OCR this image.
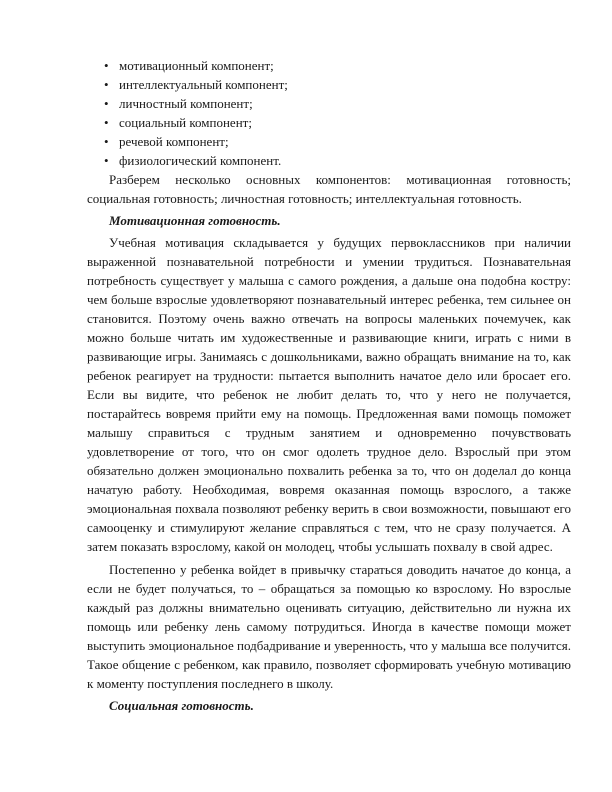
• мотивационный компонент;
• интеллектуальный компонент;
• личностный компонент;
• социальный компонент;
• речевой компонент;
• физиологический компонент.

Разберем несколько основных компонентов: мотивационная готовность; социальная готовность; личностная готовность; интеллектуальная готовность.

Мотивационная готовность.

Учебная мотивация складывается у будущих первоклассников при наличии выраженной познавательной потребности и умении трудиться. Познавательная потребность существует у малыша с самого рождения, а дальше она подобна костру: чем больше взрослые удовлетворяют познавательный интерес ребенка, тем сильнее он становится. Поэтому очень важно отвечать на вопросы маленьких почемучек, как можно больше читать им художественные и развивающие книги, играть с ними в развивающие игры. Занимаясь с дошкольниками, важно обращать внимание на то, как ребенок реагирует на трудности: пытается выполнить начатое дело или бросает его. Если вы видите, что ребенок не любит делать то, что у него не получается, постарайтесь вовремя прийти ему на помощь. Предложенная вами помощь поможет малышу справиться с трудным занятием и одновременно почувствовать удовлетворение от того, что он смог одолеть трудное дело. Взрослый при этом обязательно должен эмоционально похвалить ребенка за то, что он доделал до конца начатую работу. Необходимая, вовремя оказанная помощь взрослого, а также эмоциональная похвала позволяют ребенку верить в свои возможности, повышают его самооценку и стимулируют желание справляться с тем, что не сразу получается. А затем показать взрослому, какой он молодец, чтобы услышать похвалу в свой адрес.

Постепенно у ребенка войдет в привычку стараться доводить начатое до конца, а если не будет получаться, то – обращаться за помощью ко взрослому. Но взрослые каждый раз должны внимательно оценивать ситуацию, действительно ли нужна их помощь или ребенку лень самому потрудиться. Иногда в качестве помощи может выступить эмоциональное подбадривание и уверенность, что у малыша все получится. Такое общение с ребенком, как правило, позволяет сформировать учебную мотивацию к моменту поступления последнего в школу.

Социальная готовность.
